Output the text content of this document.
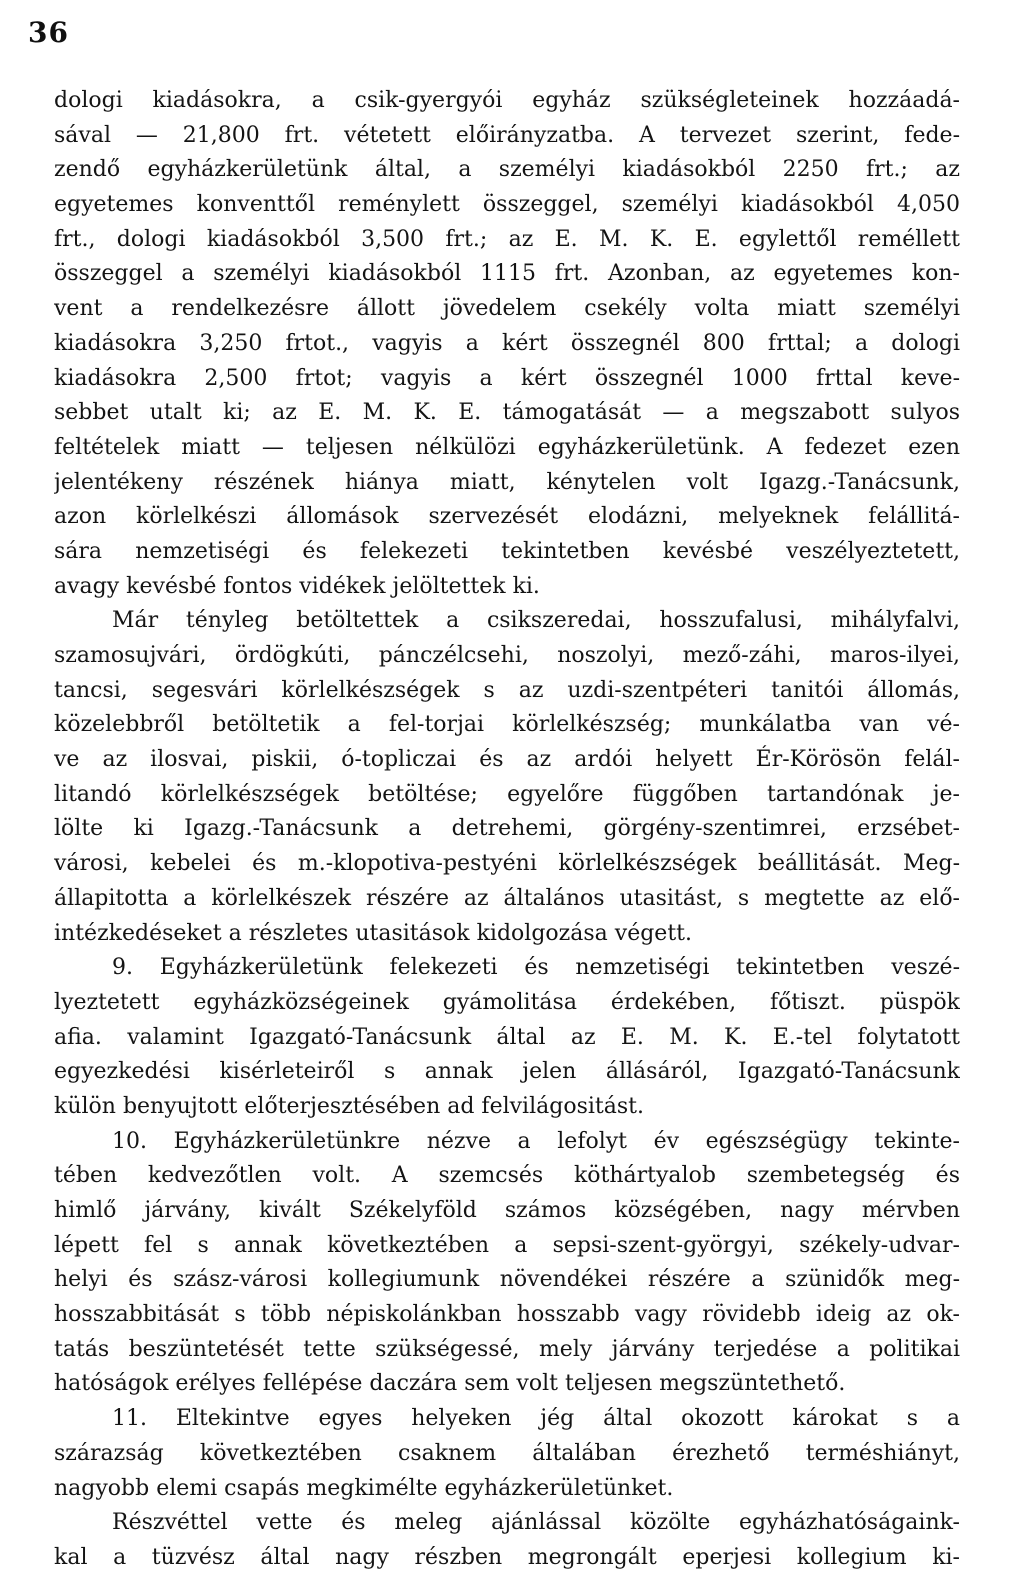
36
dologi kiadásokra, a csik-gyergyói egyház szükségleteinek hozzáadá-
sával — 21,800 frt. vétetett előirányzatba. A tervezet szerint, fede-
zendő egyházkerületünk által, a személyi kiadásokból 2250 frt.; az
egyetemes konventtől reménylett összeggel, személyi kiadásokból 4,050
frt., dologi kiadásokból 3,500 frt.; az E. M. K. E. egylettől reméllett
összeggel a személyi kiadásokból 1115 frt. Azonban, az egyetemes kon-
vent a rendelkezésre állott jövedelem csekély volta miatt személyi
kiadásokra 3,250 frtot., vagyis a kért összegnél 800 frttal; a dologi
kiadásokra 2,500 frtot; vagyis a kért összegnél 1000 frttal keve-
sebbet utalt ki; az E. M. K. E. támogatását — a megszabott sulyos
feltételek miatt — teljesen nélkülözi egyházkerületünk. A fedezet ezen
jelentékeny részének hiánya miatt, kénytelen volt Igazg.-Tanácsunk,
azon körlelkészi állomások szervezését elodázni, melyeknek felállitá-
sára nemzetiségi és felekezeti tekintetben kevésbé veszélyeztetett,
avagy kevésbé fontos vidékek jelöltettek ki.
Már tényleg betöltettek a csikszeredai, hosszufalusi, mihályfalvi,
szamosujvári, ördögkúti, pánczélcsehi, noszolyi, mező-záhi, maros-ilyei,
tancsi, segesvári körlelkészségek s az uzdi-szentpéteri tanitói állomás,
közelebbről betöltetik a fel-torjai körlelkészség; munkálatba van vé-
ve az ilosvai, piskii, ó-topliczai és az ardói helyett Ér-Körösön felál-
litandó körlelkészségek betöltése; egyelőre függőben tartandónak je-
lölte ki Igazg.-Tanácsunk a detrehemi, görgény-szentimrei, erzsébet-
városi, kebelei és m.-klopotiva-pestyéni körlelkészségek beállitását. Meg-
állapitotta a körlelkészek részére az általános utasitást, s megtette az elő-
intézkedéseket a részletes utasitások kidolgozása végett.
9. Egyházkerületünk felekezeti és nemzetiségi tekintetben veszé-
lyeztetett egyházközségeinek gyámolitása érdekében, főtiszt. püspök
afia. valamint Igazgató-Tanácsunk által az E. M. K. E.-tel folytatott
egyezkedési kisérleteiről s annak jelen állásáról, Igazgató-Tanácsunk
külön benyujtott előterjesztésében ad felvilágositást.
10. Egyházkerületünkre nézve a lefolyt év egészségügy tekinte-
tében kedvezőtlen volt. A szemcsés köthártyalob szembetegség és
himlő járvány, kivált Székelyföld számos községében, nagy mérvben
lépett fel s annak következtében a sepsi-szent-györgyi, székely-udvar-
helyi és szász-városi kollegiumunk növendékei részére a szünidők meg-
hosszabbitását s több népiskolánkban hosszabb vagy rövidebb ideig az ok-
tatás beszüntetését tette szükségessé, mely járvány terjedése a politikai
hatóságok erélyes fellépése daczára sem volt teljesen megszüntethető.
11. Eltekintve egyes helyeken jég által okozott károkat s a
szárazság következtében csaknem általában érezhető terméshiányt,
nagyobb elemi csapás megkimélte egyházkerületünket.
Részvéttel vette és meleg ajánlással közölte egyházhatóságaink-
kal a tüzvész által nagy részben megrongált eperjesi kollegium ki-
